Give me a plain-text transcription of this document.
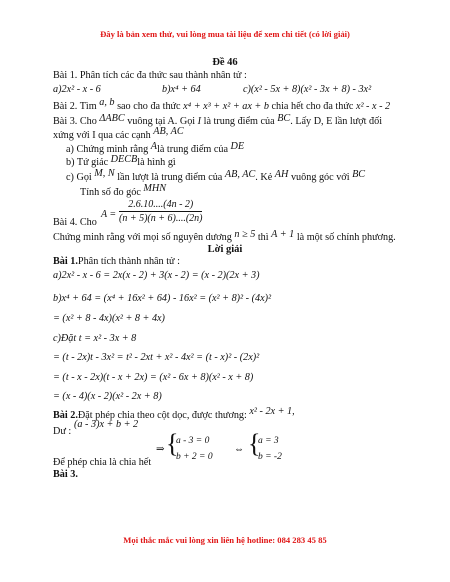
Đây là bản xem thử, vui lòng mua tài liệu để xem chi tiết (có lời giải)
Đề 46
Bài 1. Phân tích các đa thức sau thành nhân tử :
a)2x² - x - 6	b)x⁴ + 64	c)(x² - 5x + 8)(x² - 3x + 8) - 3x²
Bài 2. Tìm a, b sao cho đa thức x⁴ + x³ + x² + ax + b chia hết cho đa thức x² - x - 2
Bài 3. Cho ΔABC vuông tại A. Gọi I là trung điểm của BC. Lấy D, E lần lượt đối
xứng với I qua các cạnh AB, AC
a) Chứng minh rằng Alà trung điểm của DE
b) Tứ giác DECBlà hình gì
c) Gọi M, N lần lượt là trung điểm của AB, AC. Kẻ AH vuông góc với BC
Tính số đo góc MHN
Bài 4. Cho
A =
2.6.10....(4n - 2)
(n + 5)(n + 6)....(2n)
Chứng minh rằng với mọi số nguyên dương n ≥ 5 thì A + 1 là một số chính phương.
Lời giải
Bài 1.Phân tích thành nhân tử :
a)2x² - x - 6 = 2x(x - 2) + 3(x - 2) = (x - 2)(2x + 3)
b)x⁴ + 64 = (x⁴ + 16x² + 64) - 16x² = (x² + 8)² - (4x)²
= (x² + 8 - 4x)(x² + 8 + 4x)
c)Đặt t = x² - 3x + 8
= (t - 2x)t - 3x² = t² - 2xt + x² - 4x² = (t - x)² - (2x)²
= (t - x - 2x)(t - x + 2x) = (x² - 6x + 8)(x² - x + 8)
= (x - 4)(x - 2)(x² - 2x + 8)
Bài 2.Đặt phép chia theo cột dọc, được thương: x² - 2x + 1,
Dư :
(a - 3)x + b + 2
⇒ {
a - 3 = 0
b + 2 = 0
⇔ {
a = 3
b = -2
Để phép chia là chia hết
Bài 3.
Mọi thắc mắc vui lòng xin liên hệ hotline: 084 283 45 85
